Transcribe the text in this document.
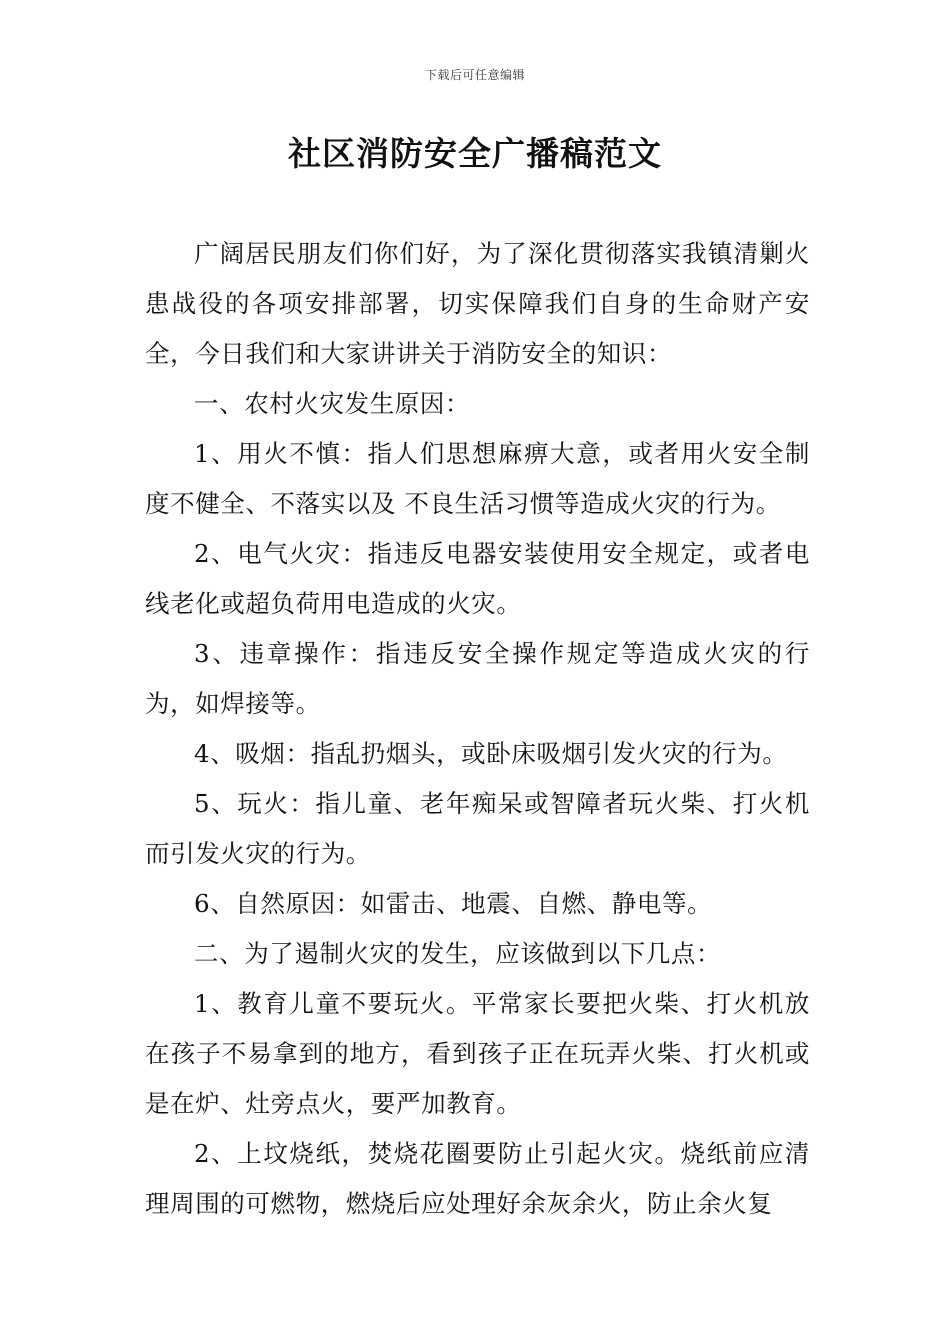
下载后可任意编辑
社区消防安全广播稿范文

广阔居民朋友们你们好，为了深化贯彻落实我镇清剿火患战役的各项安排部署，切实保障我们自身的生命财产安全，今日我们和大家讲讲关于消防安全的知识：

一、农村火灾发生原因：

1、用火不慎：指人们思想麻痹大意，或者用火安全制度不健全、不落实以及 不良生活习惯等造成火灾的行为。

2、电气火灾：指违反电器安装使用安全规定，或者电线老化或超负荷用电造成的火灾。

3、违章操作：指违反安全操作规定等造成火灾的行为，如焊接等。

4、吸烟：指乱扔烟头，或卧床吸烟引发火灾的行为。

5、玩火：指儿童、老年痴呆或智障者玩火柴、打火机而引发火灾的行为。

6、自然原因：如雷击、地震、自燃、静电等。

二、为了遏制火灾的发生，应该做到以下几点：

1、教育儿童不要玩火。平常家长要把火柴、打火机放在孩子不易拿到的地方，看到孩子正在玩弄火柴、打火机或是在炉、灶旁点火，要严加教育。

2、上坟烧纸，焚烧花圈要防止引起火灾。烧纸前应清理周围的可燃物，燃烧后应处理好余灰余火，防止余火复
